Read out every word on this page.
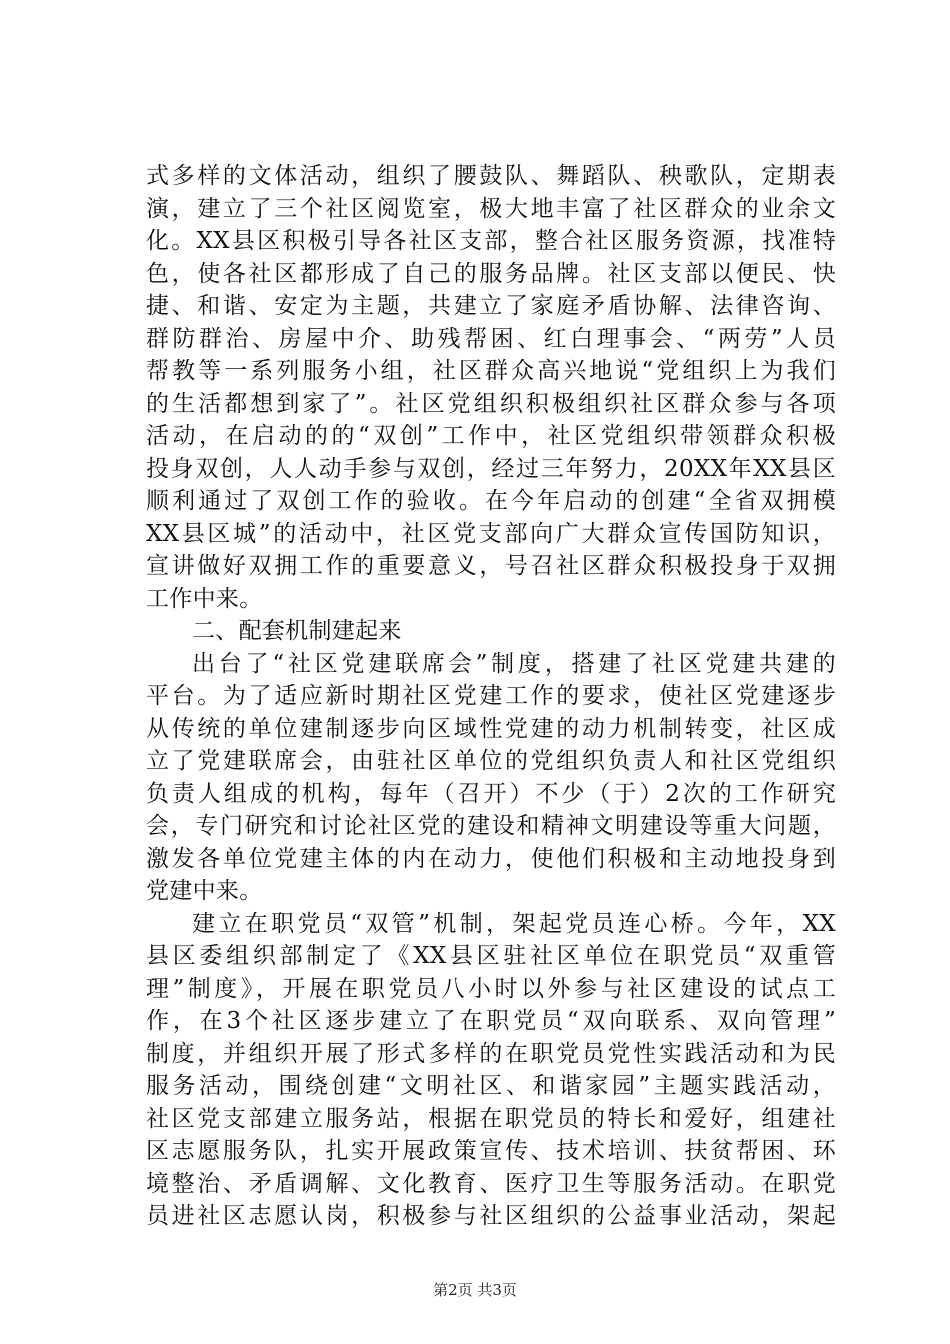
式多样的文体活动，组织了腰鼓队、舞蹈队、秧歌队，定期表
演，建立了三个社区阅览室，极大地丰富了社区群众的业余文
化。XX县区积极引导各社区支部，整合社区服务资源，找准特
色，使各社区都形成了自己的服务品牌。社区支部以便民、快
捷、和谐、安定为主题，共建立了家庭矛盾协解、法律咨询、
群防群治、房屋中介、助残帮困、红白理事会、“两劳”人员
帮教等一系列服务小组，社区群众高兴地说“党组织上为我们
的生活都想到家了”。社区党组织积极组织社区群众参与各项
活动，在启动的的“双创”工作中，社区党组织带领群众积极
投身双创，人人动手参与双创，经过三年努力，20XX年XX县区
顺利通过了双创工作的验收。在今年启动的创建“全省双拥模
XX县区城”的活动中，社区党支部向广大群众宣传国防知识，
宣讲做好双拥工作的重要意义，号召社区群众积极投身于双拥
工作中来。
二、配套机制建起来
出台了“社区党建联席会”制度，搭建了社区党建共建的
平台。为了适应新时期社区党建工作的要求，使社区党建逐步
从传统的单位建制逐步向区域性党建的动力机制转变，社区成
立了党建联席会，由驻社区单位的党组织负责人和社区党组织
负责人组成的机构，每年（召开）不少（于）2次的工作研究
会，专门研究和讨论社区党的建设和精神文明建设等重大问题，
激发各单位党建主体的内在动力，使他们积极和主动地投身到
党建中来。
建立在职党员“双管”机制，架起党员连心桥。今年，XX
县区委组织部制定了《XX县区驻社区单位在职党员“双重管
理”制度》，开展在职党员八小时以外参与社区建设的试点工
作，在3个社区逐步建立了在职党员“双向联系、双向管理”
制度，并组织开展了形式多样的在职党员党性实践活动和为民
服务活动，围绕创建“文明社区、和谐家园”主题实践活动，
社区党支部建立服务站，根据在职党员的特长和爱好，组建社
区志愿服务队，扎实开展政策宣传、技术培训、扶贫帮困、环
境整治、矛盾调解、文化教育、医疗卫生等服务活动。在职党
员进社区志愿认岗，积极参与社区组织的公益事业活动，架起
第2页 共3页
